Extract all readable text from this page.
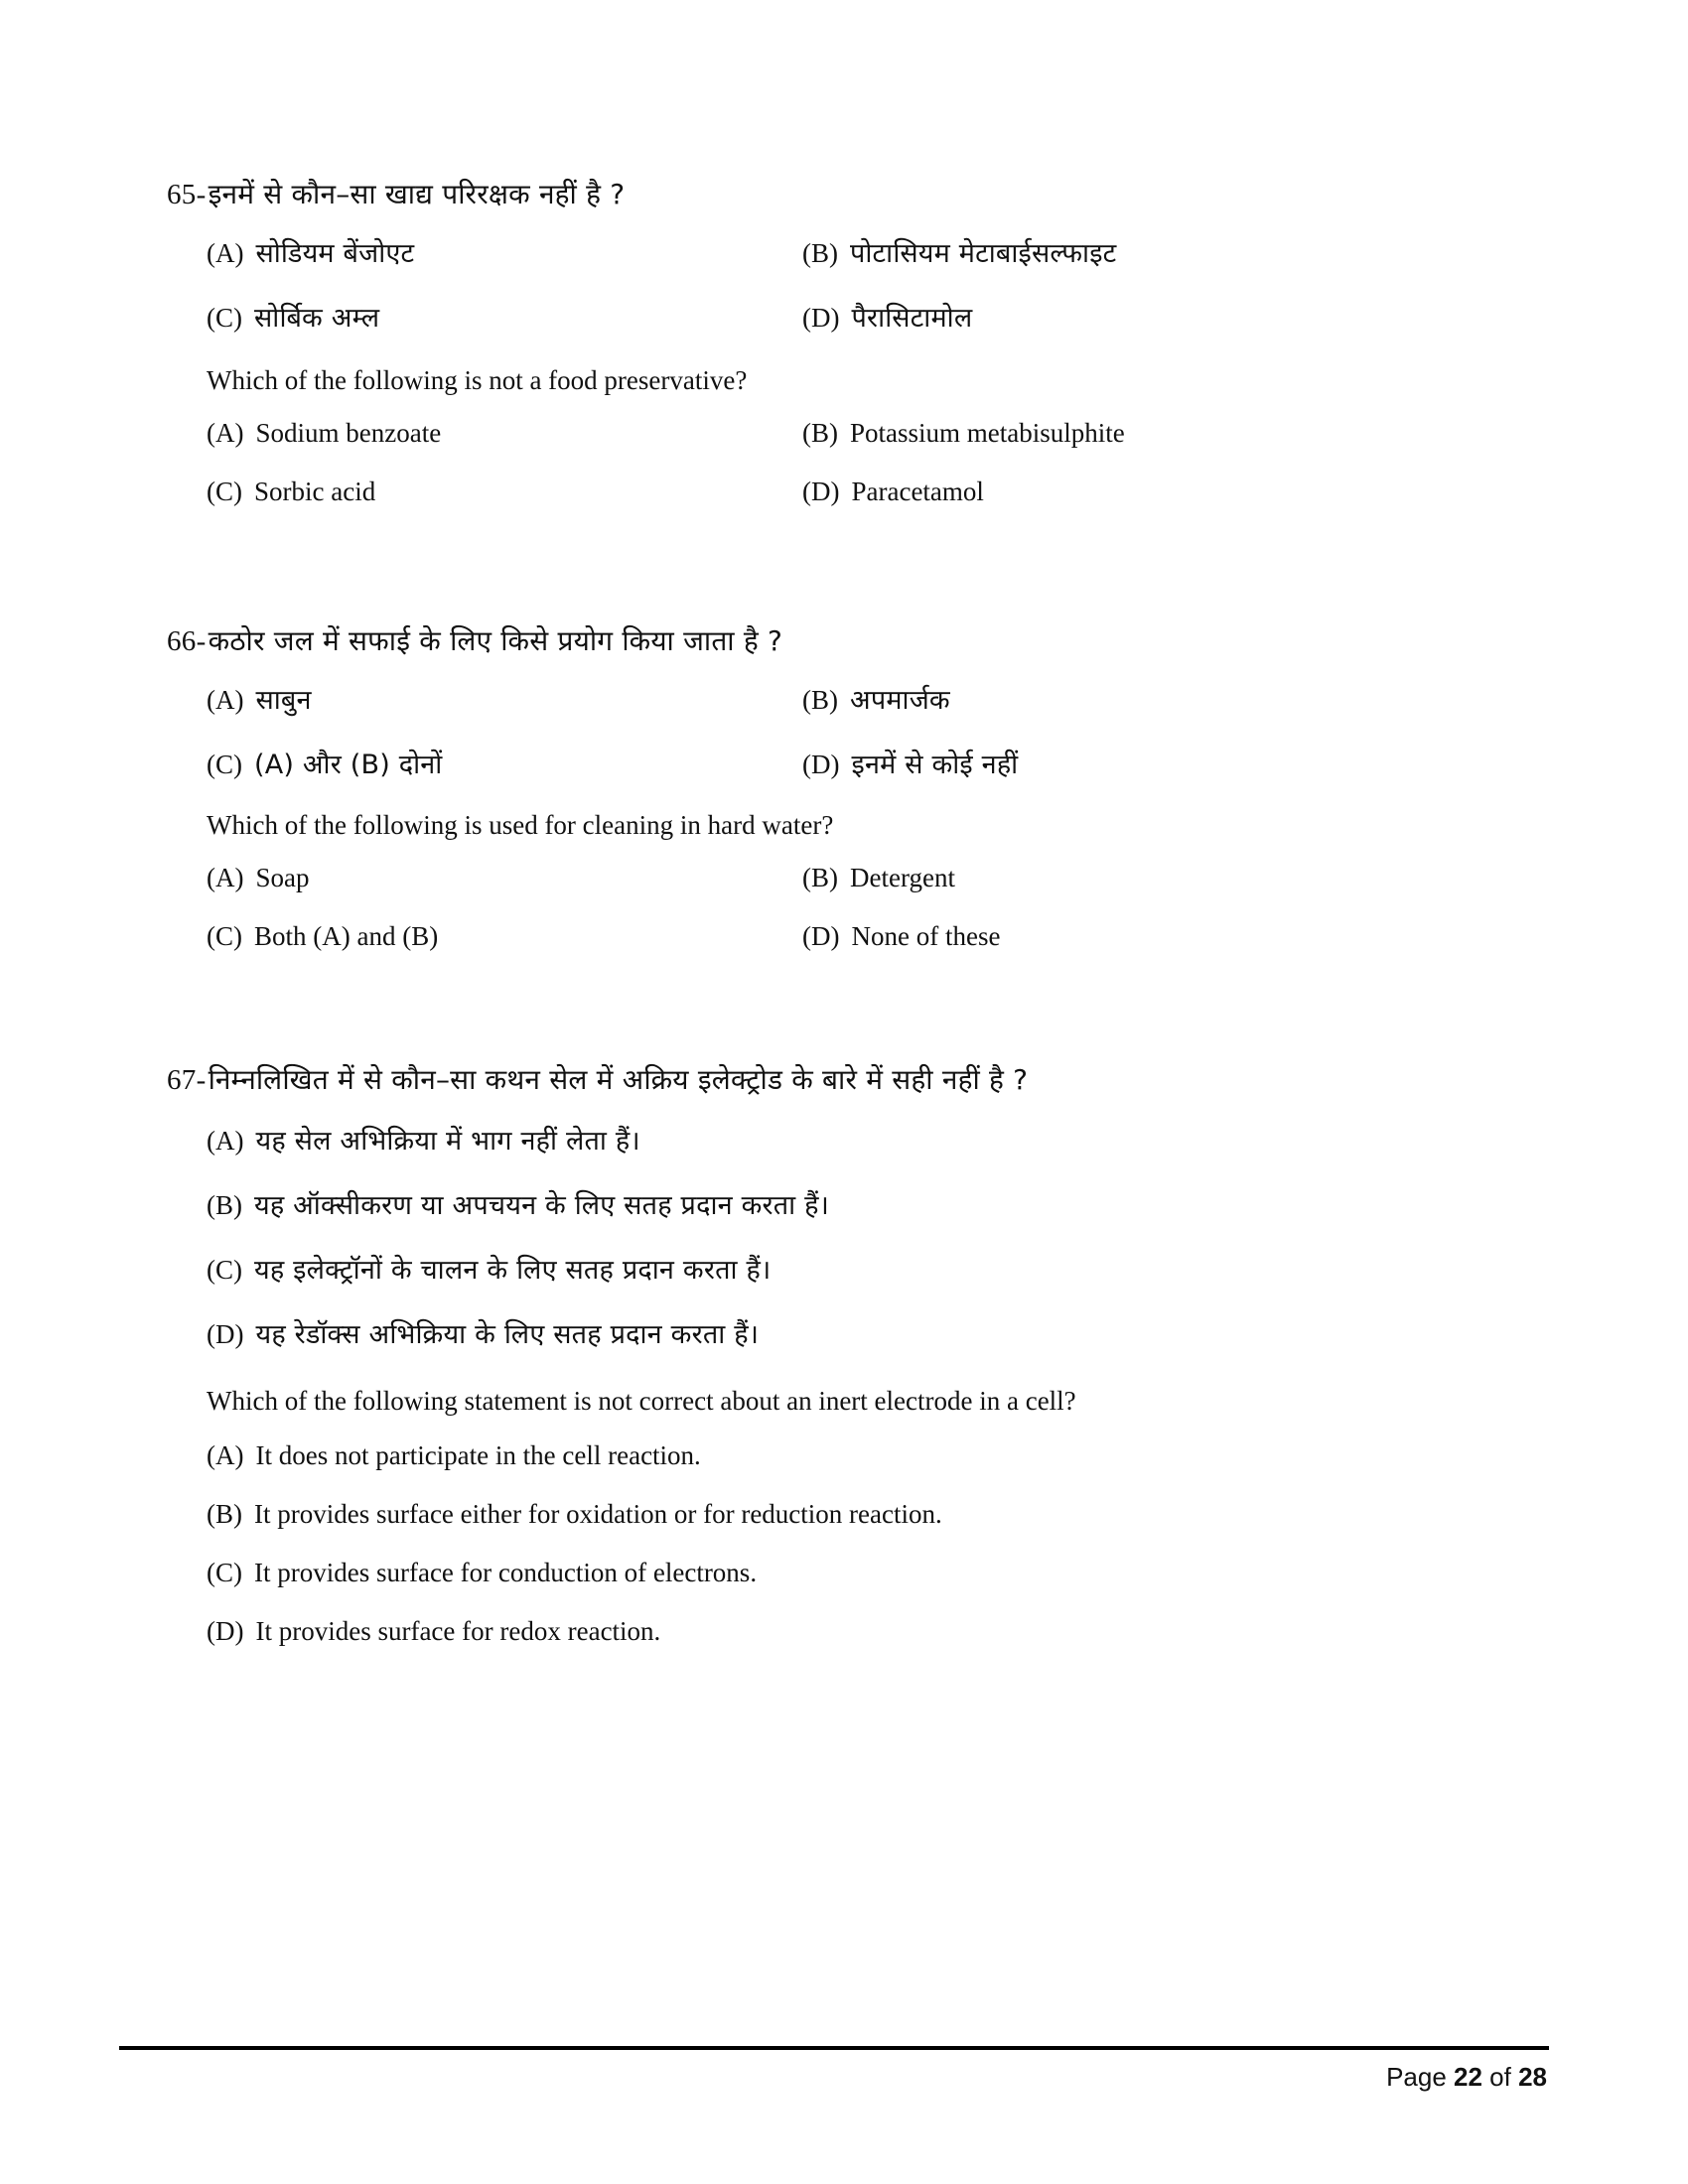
65- इनमें से कौन–सा खाद्य परिरक्षक नहीं है ?
(A) सोडियम बेंजोएट	(B) पोटासियम मेटाबाईसल्फाइट
(C) सोर्बिक अम्ल	(D) पैरासिटामोल
Which of the following is not a food preservative?
(A) Sodium benzoate	(B) Potassium metabisulphite
(C) Sorbic acid	(D) Paracetamol
66- कठोर जल में सफाई के लिए किसे प्रयोग किया जाता है ?
(A) साबुन	(B) अपमार्जक
(C) (A) और (B) दोनों	(D) इनमें से कोई नहीं
Which of the following is used for cleaning in hard water?
(A) Soap	(B) Detergent
(C) Both (A) and (B)	(D) None of these
67- निम्नलिखित में से कौन–सा कथन सेल में अक्रिय इलेक्ट्रोड के बारे में सही नहीं है ?
(A) यह सेल अभिक्रिया में भाग नहीं लेता हैं।
(B) यह ऑक्सीकरण या अपचयन के लिए सतह प्रदान करता हैं।
(C) यह इलेक्ट्रॉनों के चालन के लिए सतह प्रदान करता हैं।
(D) यह रेडॉक्स अभिक्रिया के लिए सतह प्रदान करता हैं।
Which of the following statement is not correct about an inert electrode in a cell?
(A) It does not participate in the cell reaction.
(B) It provides surface either for oxidation or for reduction reaction.
(C) It provides surface for conduction of electrons.
(D) It provides surface for redox reaction.
Page 22 of 28
